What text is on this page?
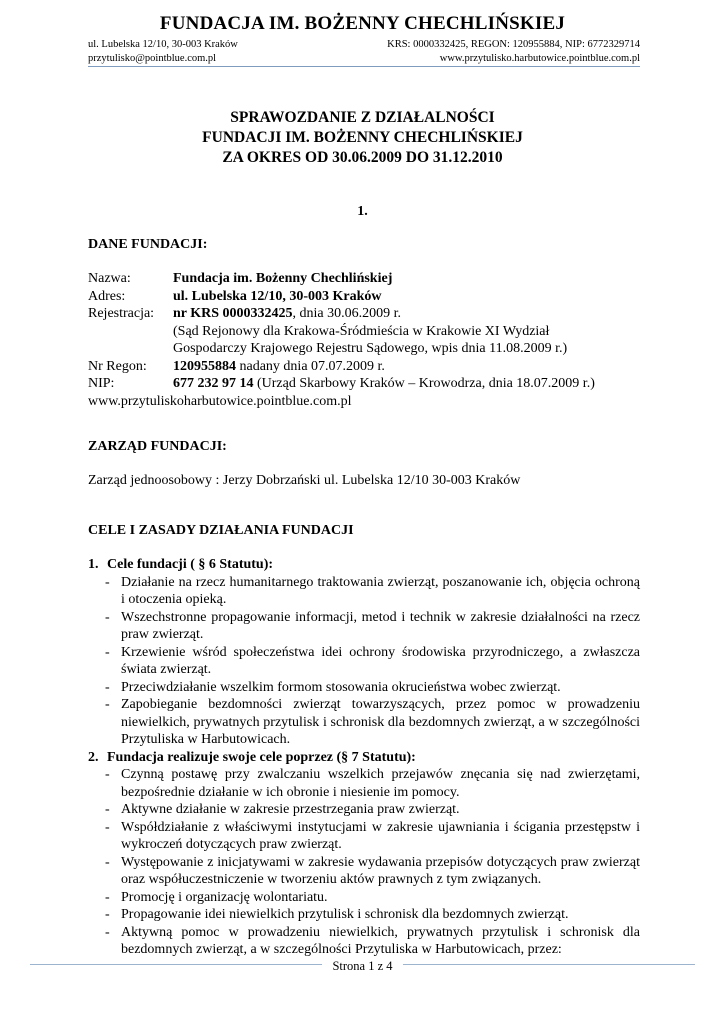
FUNDACJA IM. BOŻENNY CHECHLIŃSKIEJ
ul. Lubelska 12/10, 30-003 Kraków	KRS: 0000332425, REGON: 120955884, NIP: 6772329714
przytulisko@pointblue.com.pl	www.przytulisko.harbutowice.pointblue.com.pl
SPRAWOZDANIE Z DZIAŁALNOŚCI
FUNDACJI IM. BOŻENNY CHECHLIŃSKIEJ
ZA OKRES OD 30.06.2009 DO 31.12.2010
1.
DANE FUNDACJI:
Nazwa:	Fundacja im. Bożenny Chechlińskiej
Adres:	ul. Lubelska 12/10, 30-003 Kraków
Rejestracja:	nr KRS 0000332425, dnia 30.06.2009 r.
(Sąd Rejonowy dla Krakowa-Śródmieścia w Krakowie XI Wydział
Gospodarczy Krajowego Rejestru Sądowego, wpis dnia 11.08.2009 r.)
Nr Regon:	120955884 nadany dnia 07.07.2009 r.
NIP:	677 232 97 14 (Urząd Skarbowy Kraków – Krowodrza, dnia 18.07.2009 r.)
www.przytuliskoharbutowice.pointblue.com.pl
ZARZĄD FUNDACJI:
Zarząd jednoosobowy : Jerzy Dobrzański ul. Lubelska 12/10 30-003 Kraków
CELE I ZASADY DZIAŁANIA FUNDACJI
1. Cele fundacji ( § 6 Statutu):
- Działanie na rzecz humanitarnego traktowania zwierząt, poszanowanie ich, objęcia ochroną i otoczenia opieką.
- Wszechstronne propagowanie informacji, metod i technik w zakresie działalności na rzecz praw zwierząt.
- Krzewienie wśród społeczeństwa idei ochrony środowiska przyrodniczego, a zwłaszcza świata zwierząt.
- Przeciwdziałanie wszelkim formom stosowania okrucieństwa wobec zwierząt.
- Zapobieganie bezdomności zwierząt towarzyszących, przez pomoc w prowadzeniu niewielkich, prywatnych przytulisk i schronisk dla bezdomnych zwierząt, a w szczególności Przytuliska w Harbutowicach.
2. Fundacja realizuje swoje cele poprzez (§ 7 Statutu):
- Czynną postawę przy zwalczaniu wszelkich przejawów znęcania się nad zwierzętami, bezpośrednie działanie w ich obronie i niesienie im pomocy.
- Aktywne działanie w zakresie przestrzegania praw zwierząt.
- Współdziałanie z właściwymi instytucjami w zakresie ujawniania i ścigania przestępstw i wykroczeń dotyczących praw zwierząt.
- Występowanie z inicjatywami w zakresie wydawania przepisów dotyczących praw zwierząt oraz współuczestniczenie w tworzeniu aktów prawnych z tym związanych.
- Promocję i organizację wolontariatu.
- Propagowanie idei niewielkich przytulisk i schronisk dla bezdomnych zwierząt.
- Aktywną pomoc w prowadzeniu niewielkich, prywatnych przytulisk i schronisk dla bezdomnych zwierząt, a w szczególności Przytuliska w Harbutowicach, przez:
Strona 1 z 4
